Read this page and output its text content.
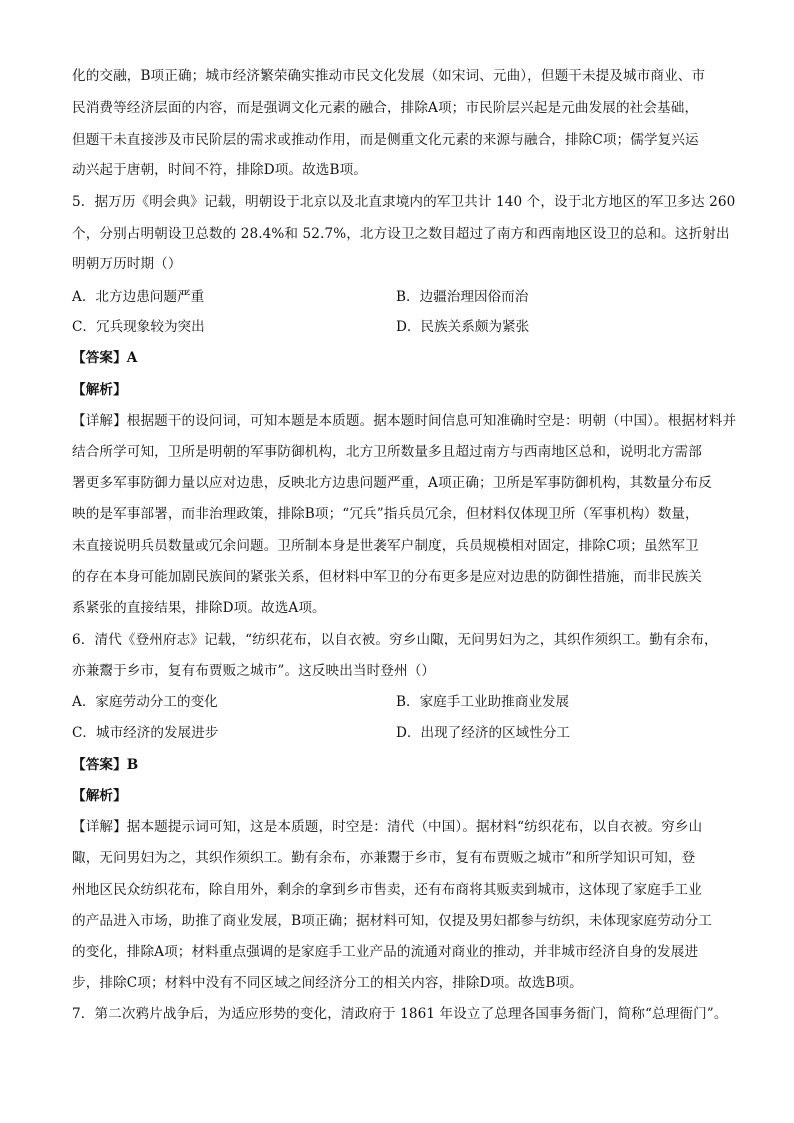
化的交融，B项正确；城市经济繁荣确实推动市民文化发展（如宋词、元曲），但题干未提及城市商业、市
民消费等经济层面的内容，而是强调文化元素的融合，排除A项；市民阶层兴起是元曲发展的社会基础，
但题干未直接涉及市民阶层的需求或推动作用，而是侧重文化元素的来源与融合，排除C项；儒学复兴运
动兴起于唐朝，时间不符，排除D项。故选B项。
5．据万历《明会典》记载，明朝设于北京以及北直隶境内的军卫共计 140 个，设于北方地区的军卫多达 260
个，分别占明朝设卫总数的 28.4%和 52.7%，北方设卫之数目超过了南方和西南地区设卫的总和。这折射出
明朝万历时期（）
A．北方边患问题严重	B．边疆治理因俗而治
C．冗兵现象较为突出	D．民族关系颇为紧张
【答案】A
【解析】
【详解】根据题干的设问词，可知本题是本质题。据本题时间信息可知准确时空是：明朝（中国）。根据材料并
结合所学可知，卫所是明朝的军事防御机构，北方卫所数量多且超过南方与西南地区总和，说明北方需部
署更多军事防御力量以应对边患，反映北方边患问题严重，A项正确；卫所是军事防御机构，其数量分布反
映的是军事部署，而非治理政策，排除B项；“冗兵”指兵员冗余，但材料仅体现卫所（军事机构）数量，
未直接说明兵员数量或冗余问题。卫所制本身是世袭军户制度，兵员规模相对固定，排除C项；虽然军卫
的存在本身可能加剧民族间的紧张关系，但材料中军卫的分布更多是应对边患的防御性措施，而非民族关
系紧张的直接结果，排除D项。故选A项。
6．清代《登州府志》记载，“纺织花布，以自衣被。穷乡山陬，无问男妇为之，其织作须织工。勤有余布，
亦兼鬻于乡市，复有布贾贩之城市”。这反映出当时登州（）
A．家庭劳动分工的变化	B．家庭手工业助推商业发展
C．城市经济的发展进步	D．出现了经济的区域性分工
【答案】B
【解析】
【详解】据本题提示词可知，这是本质题，时空是：清代（中国）。据材料“纺织花布，以自衣被。穷乡山
陬，无问男妇为之，其织作须织工。勤有余布，亦兼鬻于乡市，复有布贾贩之城市”和所学知识可知，登
州地区民众纺织花布，除自用外，剩余的拿到乡市售卖，还有布商将其贩卖到城市，这体现了家庭手工业
的产品进入市场，助推了商业发展，B项正确；据材料可知，仅提及男妇都参与纺织，未体现家庭劳动分工
的变化，排除A项；材料重点强调的是家庭手工业产品的流通对商业的推动，并非城市经济自身的发展进
步，排除C项；材料中没有不同区域之间经济分工的相关内容，排除D项。故选B项。
7．第二次鸦片战争后，为适应形势的变化，清政府于 1861 年设立了总理各国事务衙门，简称“总理衙门”。
